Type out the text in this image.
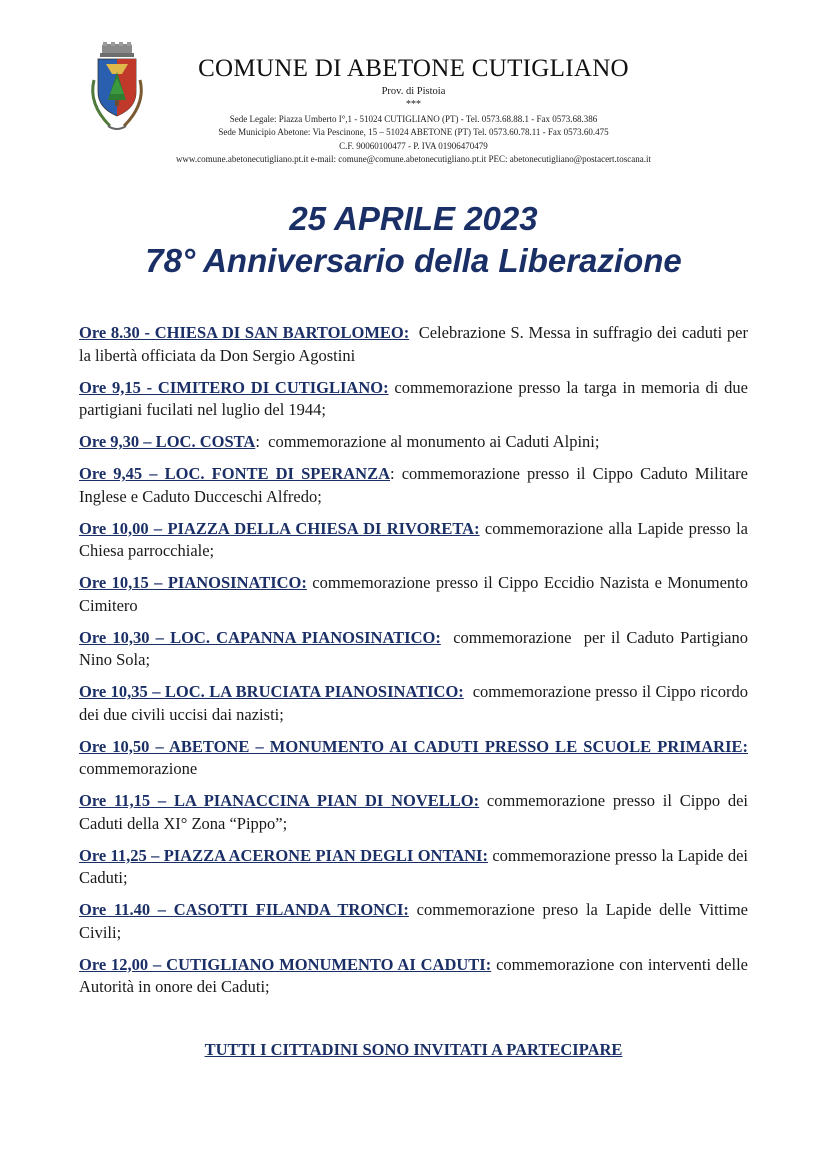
COMUNE DI ABETONE CUTIGLIANO
Prov. di Pistoia
***
Sede Legale: Piazza Umberto I°,1 - 51024 CUTIGLIANO (PT) - Tel. 0573.68.88.1 - Fax 0573.68.386
Sede Municipio Abetone: Via Pescinone, 15 – 51024 ABETONE (PT) Tel. 0573.60.78.11 - Fax 0573.60.475
C.F. 90060100477 - P. IVA 01906470479
www.comune.abetonecutigliano.pt.it e-mail: comune@comune.abetonecutigliano.pt.it PEC: abetonecutigliano@postacert.toscana.it
25 APRILE 2023
78° Anniversario della Liberazione

Ore 8.30 - CHIESA DI SAN BARTOLOMEO:  Celebrazione S. Messa in suffragio dei caduti per la libertà officiata da Don Sergio Agostini

Ore 9,15 - CIMITERO DI CUTIGLIANO: commemorazione presso la targa in memoria di due partigiani fucilati nel luglio del 1944;

Ore 9,30 – LOC. COSTA:  commemorazione al monumento ai Caduti Alpini;

Ore 9,45 – LOC. FONTE DI SPERANZA: commemorazione presso il Cippo Caduto Militare Inglese e Caduto Ducceschi Alfredo;

Ore 10,00 – PIAZZA DELLA CHIESA DI RIVORETA: commemorazione alla Lapide presso la Chiesa parrocchiale;

Ore 10,15 – PIANOSINATICO: commemorazione presso il Cippo Eccidio Nazista e Monumento Cimitero

Ore 10,30 – LOC. CAPANNA PIANOSINATICO:  commemorazione  per il Caduto Partigiano Nino Sola;

Ore 10,35 – LOC. LA BRUCIATA PIANOSINATICO:  commemorazione presso il Cippo ricordo dei due civili uccisi dai nazisti;

Ore 10,50 – ABETONE – MONUMENTO AI CADUTI PRESSO LE SCUOLE PRIMARIE: commemorazione

Ore 11,15 – LA PIANACCINA PIAN DI NOVELLO: commemorazione presso il Cippo dei Caduti della XI° Zona “Pippo”;

Ore 11,25 – PIAZZA ACERONE PIAN DEGLI ONTANI: commemorazione presso la Lapide dei Caduti;

Ore 11.40 – CASOTTI FILANDA TRONCI: commemorazione preso la Lapide delle Vittime Civili;

Ore 12,00 – CUTIGLIANO MONUMENTO AI CADUTI: commemorazione con interventi delle Autorità in onore dei Caduti;

TUTTI I CITTADINI SONO INVITATI A PARTECIPARE
